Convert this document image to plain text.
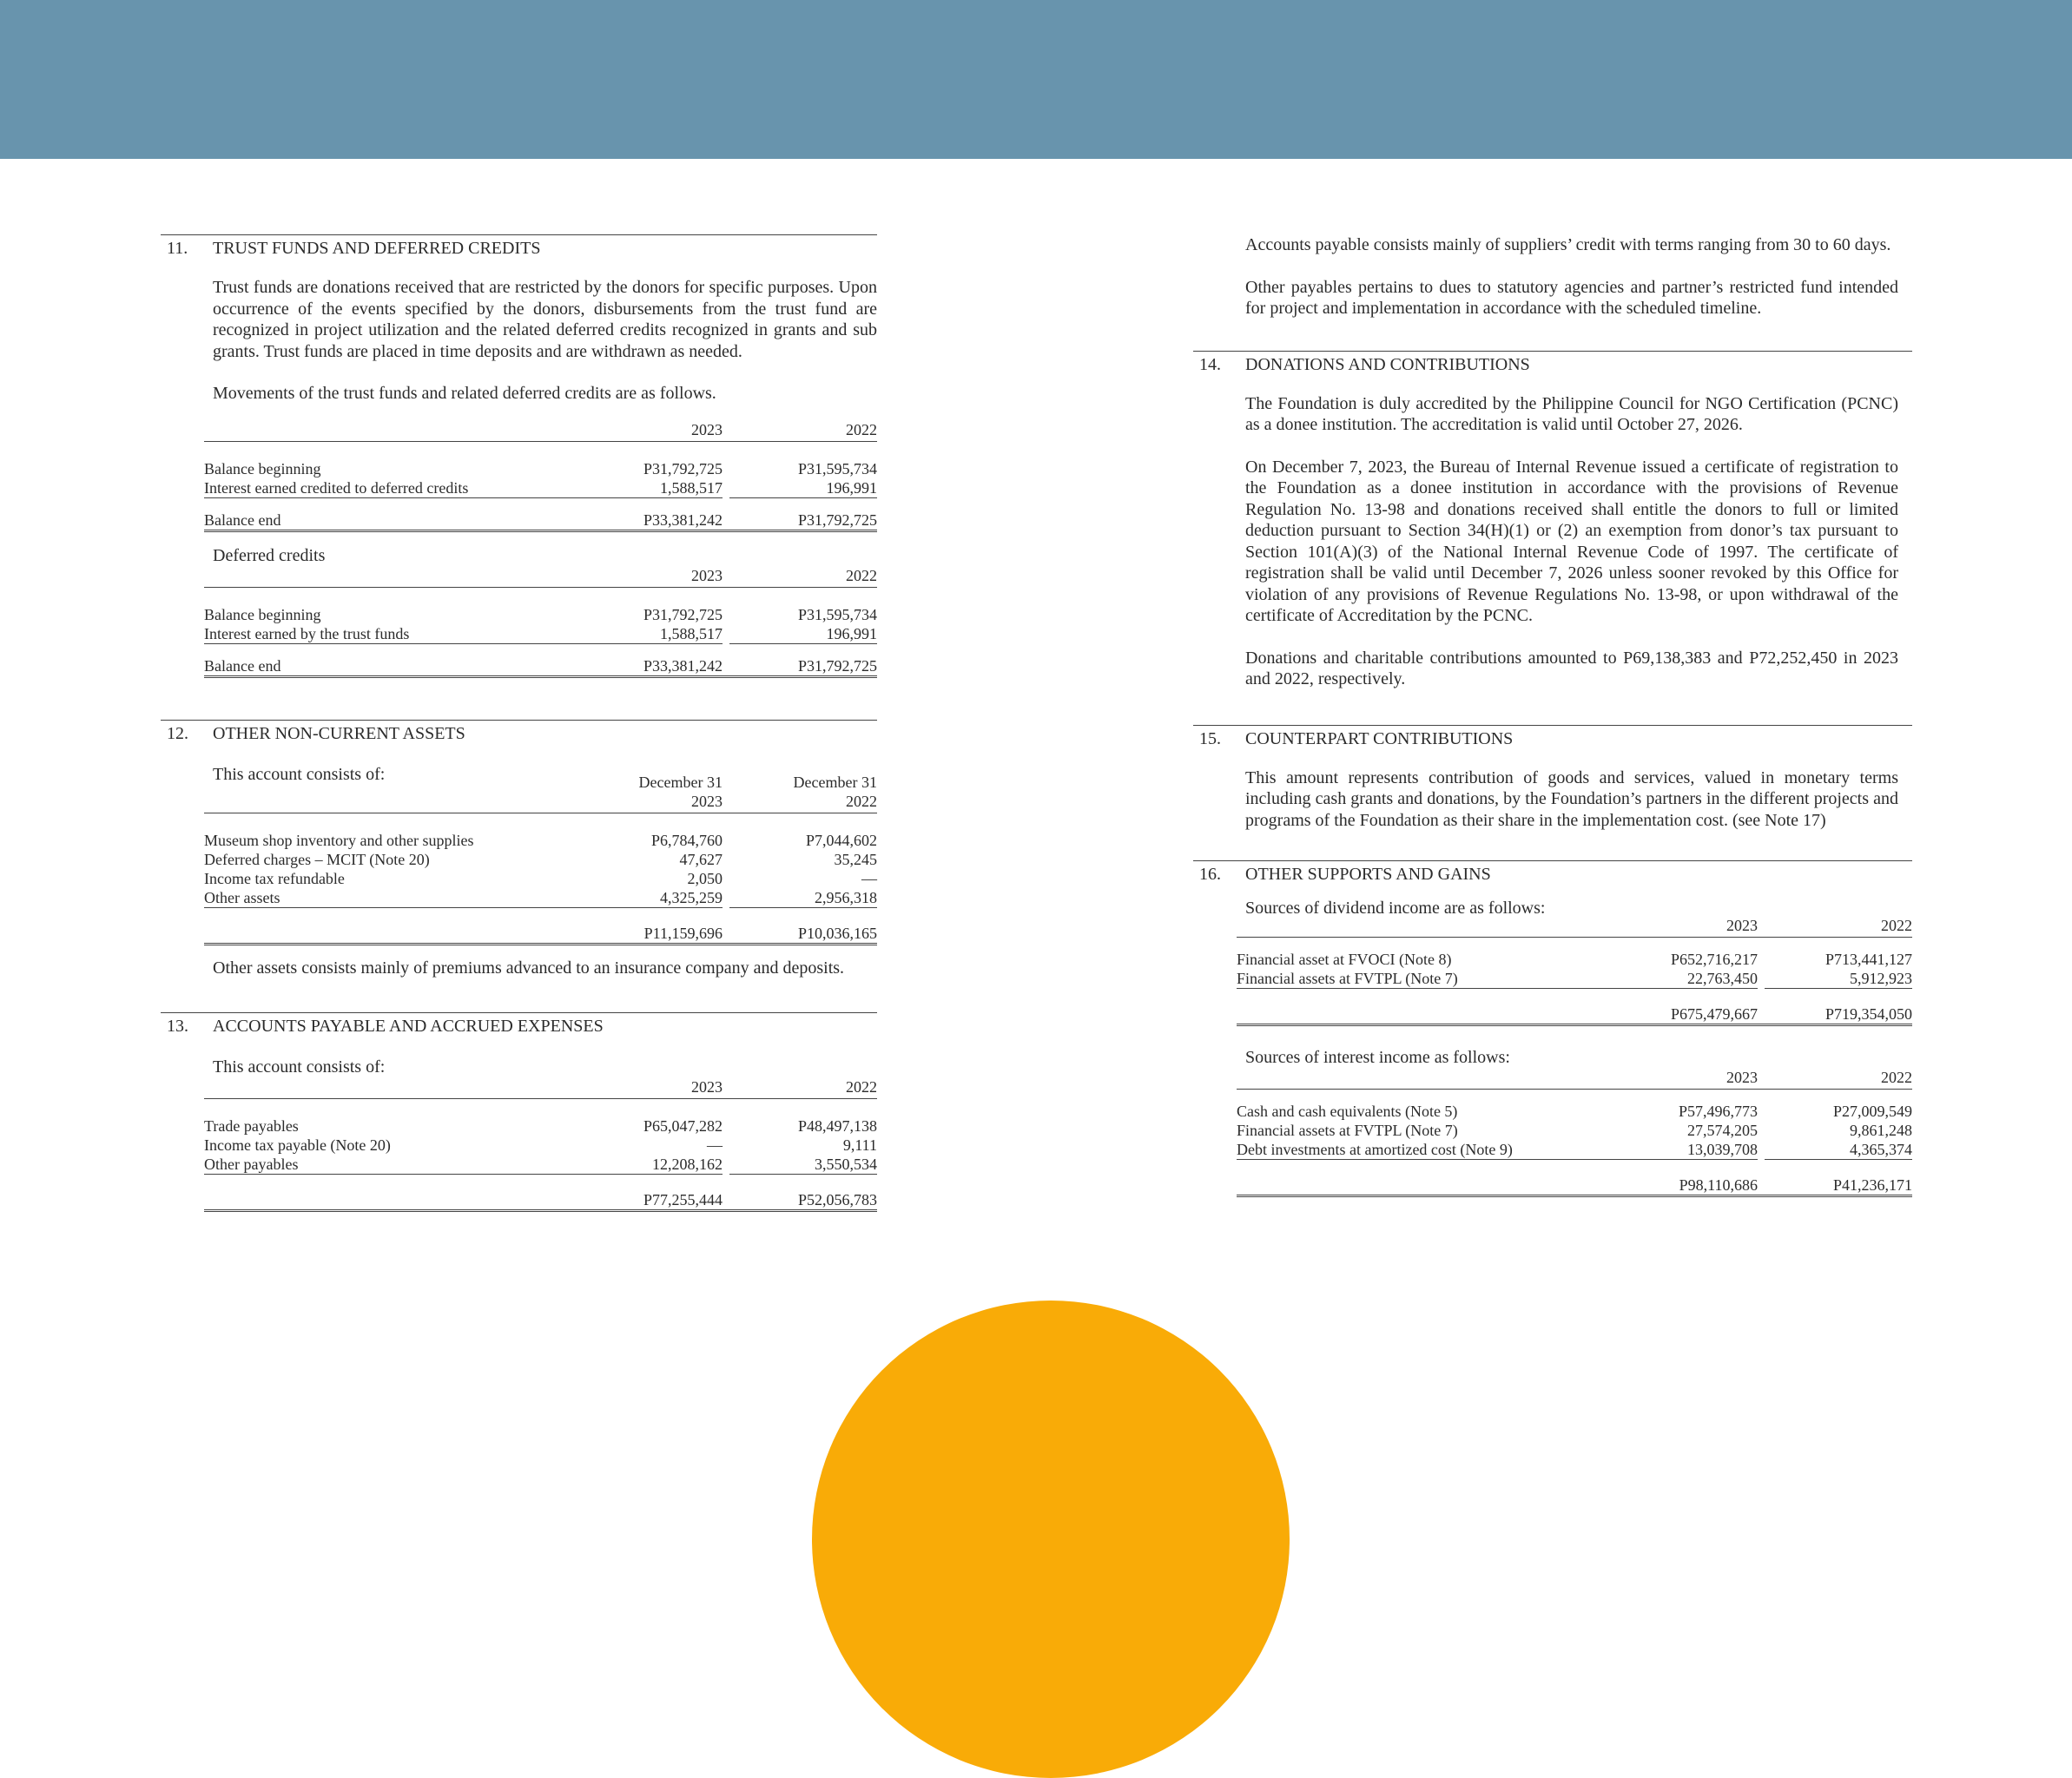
11.	TRUST FUNDS AND DEFERRED CREDITS

Trust funds are donations received that are restricted by the donors for specific purposes. Upon occurrence of the events specified by the donors, disbursements from the trust fund are recognized in project utilization and the related deferred credits recognized in grants and sub grants. Trust funds are placed in time deposits and are withdrawn as needed.

Movements of the trust funds and related deferred credits are as follows.

	2023		2022

Balance beginning	P31,792,725		P31,595,734
Interest earned credited to deferred credits	1,588,517		196,991
Balance end	P33,381,242		P31,792,725
Deferred credits
	2023		2022

Balance beginning	P31,792,725		P31,595,734
Interest earned by the trust funds	1,588,517		196,991
Balance end	P33,381,242		P31,792,725
12.	OTHER NON-CURRENT ASSETS

This account consists of:

		December 31		December 31
	2023		2022

Museum shop inventory and other supplies	P6,784,760		P7,044,602
Deferred charges – MCIT (Note 20)	47,627		35,245
Income tax refundable	2,050		—
Other assets	4,325,259		2,956,318
	P11,159,696		P10,036,165

Other assets consists mainly of premiums advanced to an insurance company and deposits.

13.	ACCOUNTS PAYABLE AND ACCRUED EXPENSES

This account consists of:

	2023		2022

Trade payables	P65,047,282		P48,497,138
Income tax payable (Note 20)	—		9,111
Other payables	12,208,162		3,550,534
	P77,255,444		P52,056,783

Accounts payable consists mainly of suppliers’ credit with terms ranging from 30 to 60 days.

Other payables pertains to dues to statutory agencies and partner’s restricted fund intended for project and implementation in accordance with the scheduled timeline.

14.	DONATIONS AND CONTRIBUTIONS

The Foundation is duly accredited by the Philippine Council for NGO Certification (PCNC) as a donee institution. The accreditation is valid until October 27, 2026.

On December 7, 2023, the Bureau of Internal Revenue issued a certificate of registration to the Foundation as a donee institution in accordance with the provisions of Revenue Regulation No. 13-98 and donations received shall entitle the donors to full or limited deduction pursuant to Section 34(H)(1) or (2) an exemption from donor’s tax pursuant to Section 101(A)(3) of the National Internal Revenue Code of 1997. The certificate of registration shall be valid until December 7, 2026 unless sooner revoked by this Office for violation of any provisions of Revenue Regulations No. 13-98, or upon withdrawal of the certificate of Accreditation by the PCNC.

Donations and charitable contributions amounted to P69,138,383 and P72,252,450 in 2023 and 2022, respectively.

15.	COUNTERPART CONTRIBUTIONS

This amount represents contribution of goods and services, valued in monetary terms including cash grants and donations, by the Foundation’s partners in the different projects and programs of the Foundation as their share in the implementation cost. (see Note 17)

16.	OTHER SUPPORTS AND GAINS

Sources of dividend income are as follows:

	2023		2022

Financial asset at FVOCI (Note 8)	P652,716,217		P713,441,127
Financial assets at FVTPL (Note 7)	22,763,450		5,912,923
	P675,479,667		P719,354,050

Sources of interest income as follows:

	2023		2022

Cash and cash equivalents (Note 5)	P57,496,773		P27,009,549
Financial assets at FVTPL (Note 7)	27,574,205		9,861,248
Debt investments at amortized cost (Note 9)	13,039,708		4,365,374
	P98,110,686		P41,236,171
